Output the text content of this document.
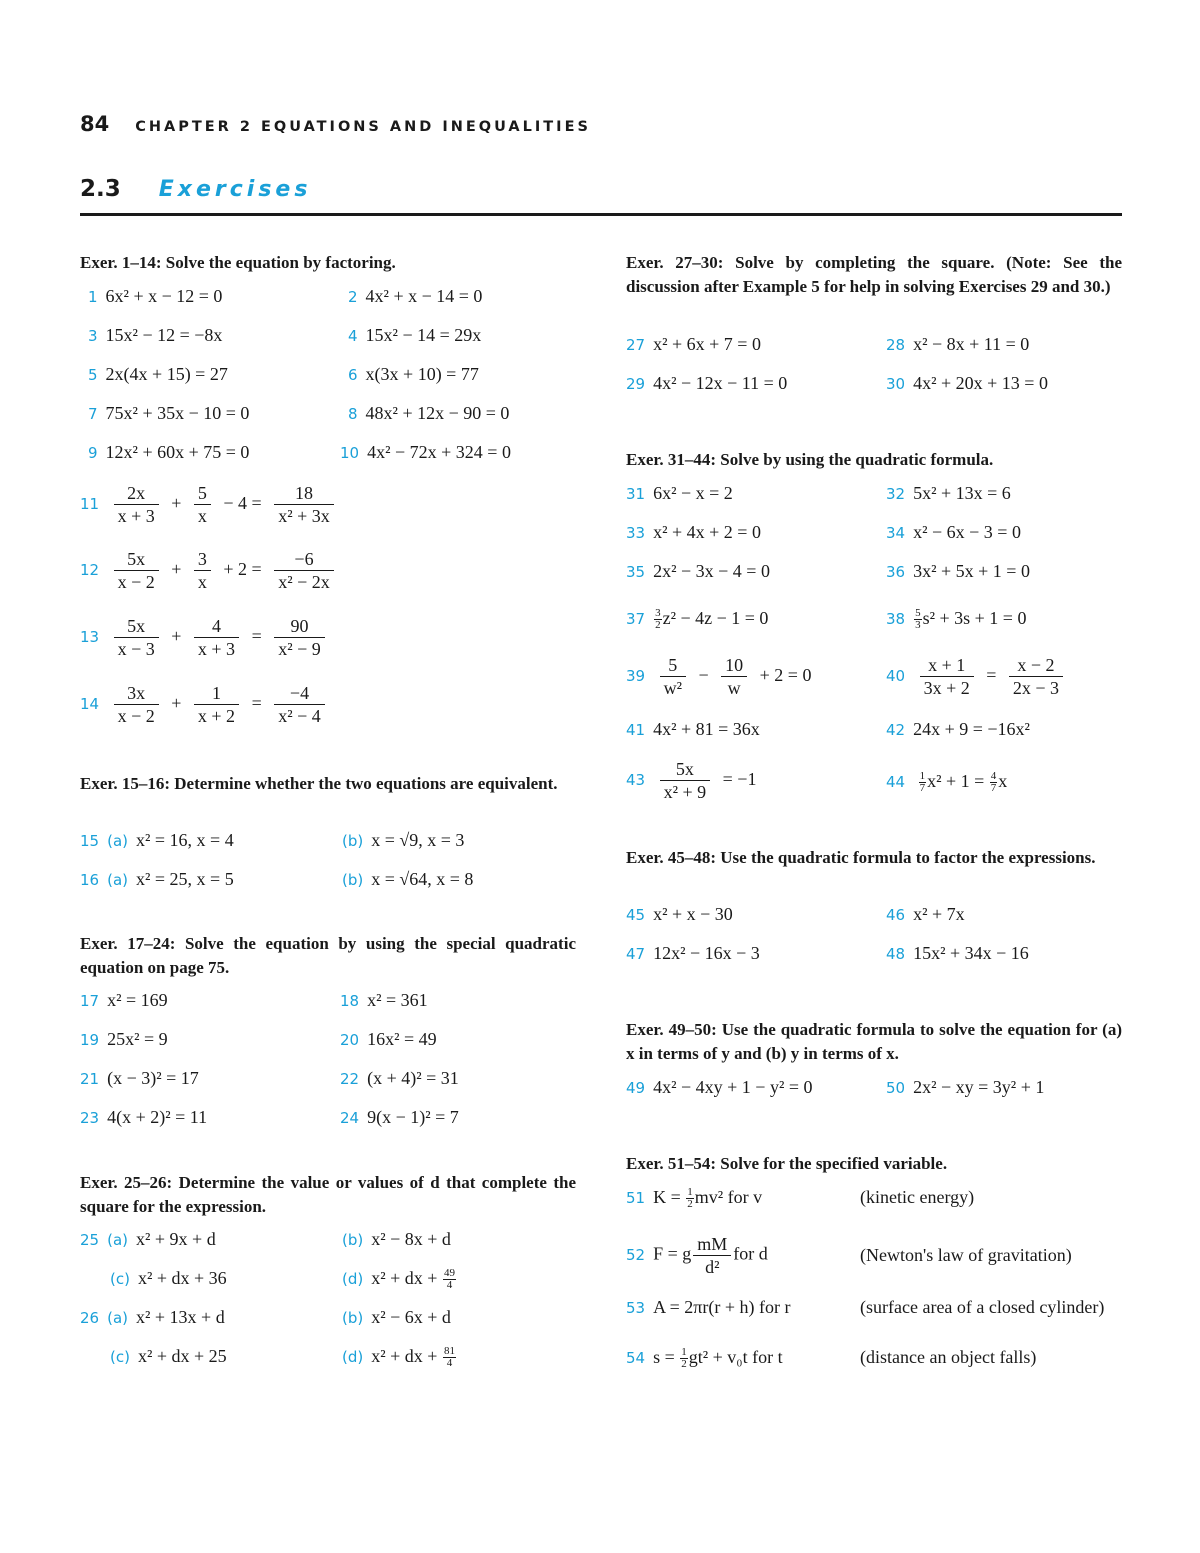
84 CHAPTER 2 EQUATIONS AND INEQUALITIES
2.3 Exercises
Exer. 1–14: Solve the equation by factoring.
1 6x² + x − 12 = 0	2 4x² + x − 14 = 0
3 15x² − 12 = −8x	4 15x² − 14 = 29x
5 2x(4x + 15) = 27	6 x(3x + 10) = 77
7 75x² + 35x − 10 = 0	8 48x² + 12x − 90 = 0
9 12x² + 60x + 75 = 0	10 4x² − 72x + 324 = 0
$11 \frac{2x}{x + 3} + \frac{5}{x} - 4 = \frac{18}{\text{x² + 3x}}$
$12 \frac{5x}{x - 2} + \frac{3}{x} + 2 = \frac{-6}{\text{x² − 2x}}$
$13 \frac{5x}{x - 3} + \frac{4}{x + 3} = \frac{90}{\text{x² − 9}}$
$14 \frac{3x}{x - 2} + \frac{1}{x + 2} = \frac{-4}{\text{x² − 4}}$
Exer. 15–16: Determine whether the two equations are equivalent.
15 (a) x² = 16, x = 4	(b) x = √9, x = 3
16 (a) x² = 25, x = 5	(b) x = √64, x = 8
Exer. 17–24: Solve the equation by using the special quadratic equation on page 75.
17 x² = 169	18 x² = 361
19 25x² = 9	20 16x² = 49
21 (x − 3)² = 17	22 (x + 4)² = 31
23 4(x + 2)² = 11	24 9(x − 1)² = 7
Exer. 25–26: Determine the value or values of d that complete the square for the expression.
25 (a) x² + 9x + d	(b) x² − 8x + d
(c) x² + dx + 36	(d) x² + dx + $\frac{49}{4}$
26 (a) x² + 13x + d	(b) x² − 6x + d
(c) x² + dx + 25	(d) x² + dx + $\frac{81}{4}$
Exer. 27–30: Solve by completing the square. (Note: See the discussion after Example 5 for help in solving Exercises 29 and 30.)
27 x² + 6x + 7 = 0	28 x² − 8x + 11 = 0
29 4x² − 12x − 11 = 0	30 4x² + 20x + 13 = 0
Exer. 31–44: Solve by using the quadratic formula.
31 6x² − x = 2	32 5x² + 13x = 6
33 x² + 4x + 2 = 0	34 x² − 6x − 3 = 0
35 2x² − 3x − 4 = 0	36 3x² + 5x + 1 = 0
$37 \frac{3}{2} z^2 - 4z - 1 = 0$	$38 \frac{5}{3} s^2 + 3s + 1 = 0$
$39 \frac{5}{\text{w²}} - \frac{10}{w} + 2 = 0$	$40 \frac{x + 1}{3x + 2} = \frac{x - 2}{2x - 3}$
41 4x² + 81 = 36x	42 24x + 9 = −16x²
$43 \frac{5x}{\text{x² + 9}} = -1$	$44 \frac{1}{7} x^2 + 1 = \frac{4}{7}$ x
Exer. 45–48: Use the quadratic formula to factor the expressions.
45 x² + x − 30	46 x² + 7x
47 12x² − 16x − 3	48 15x² + 34x − 16
Exer. 49–50: Use the quadratic formula to solve the equation for (a) x in terms of y and (b) y in terms of x.
49 4x² − 4xy + 1 − y² = 0	50 2x² − xy = 3y² + 1
Exer. 51–54: Solve for the specified variable.
51 $K = \frac{1}{2} mv^2$ for v	(kinetic energy)
52 F = g $\frac{mM}{\text{d²}}$ for d	(Newton's law of gravitation)
53 A = 2πr(r + h) for r	(surface area of a closed cylinder)
54 $s = \frac{1}{2} gt^2 + v_0t$ for t	(distance an object falls)
